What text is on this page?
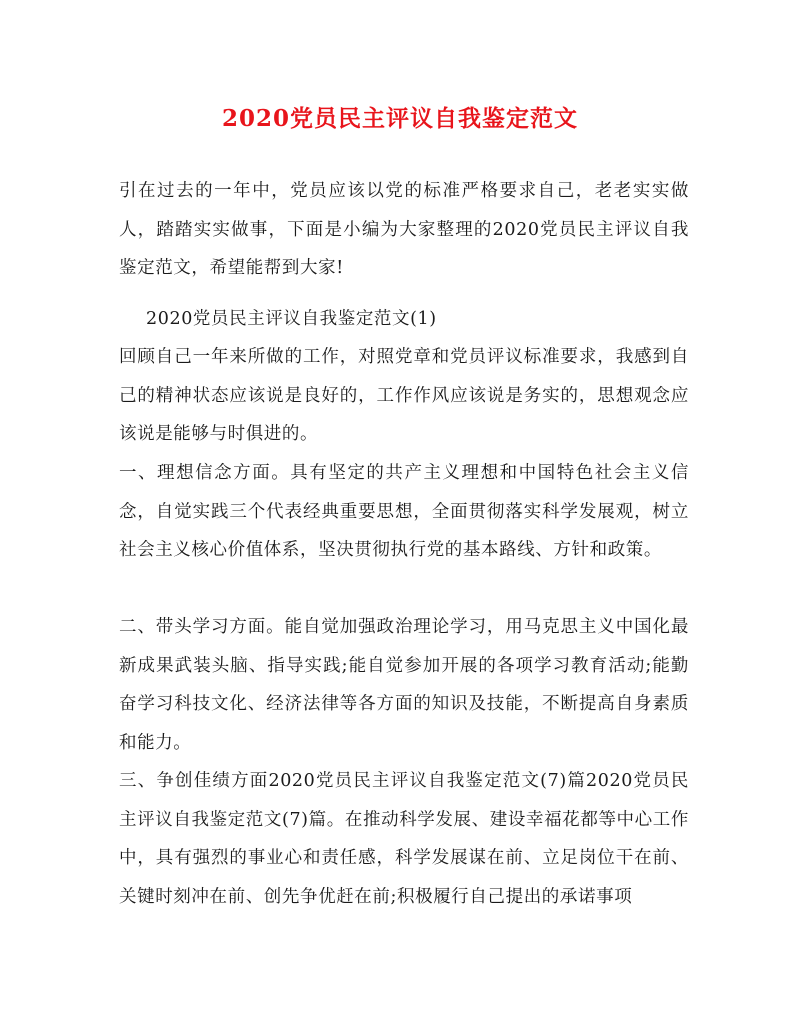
2020党员民主评议自我鉴定范文
引在过去的一年中，党员应该以党的标准严格要求自己，老老实实做人，踏踏实实做事，下面是小编为大家整理的2020党员民主评议自我鉴定范文，希望能帮到大家!
2020党员民主评议自我鉴定范文(1)
回顾自己一年来所做的工作，对照党章和党员评议标准要求，我感到自己的精神状态应该说是良好的，工作作风应该说是务实的，思想观念应该说是能够与时俱进的。
一、理想信念方面。具有坚定的共产主义理想和中国特色社会主义信念，自觉实践三个代表经典重要思想，全面贯彻落实科学发展观，树立社会主义核心价值体系，坚决贯彻执行党的基本路线、方针和政策。
二、带头学习方面。能自觉加强政治理论学习，用马克思主义中国化最新成果武装头脑、指导实践;能自觉参加开展的各项学习教育活动;能勤奋学习科技文化、经济法律等各方面的知识及技能，不断提高自身素质和能力。
三、争创佳绩方面2020党员民主评议自我鉴定范文(7)篇2020党员民主评议自我鉴定范文(7)篇。在推动科学发展、建设幸福花都等中心工作中，具有强烈的事业心和责任感，科学发展谋在前、立足岗位干在前、关键时刻冲在前、创先争优赶在前;积极履行自己提出的承诺事项
